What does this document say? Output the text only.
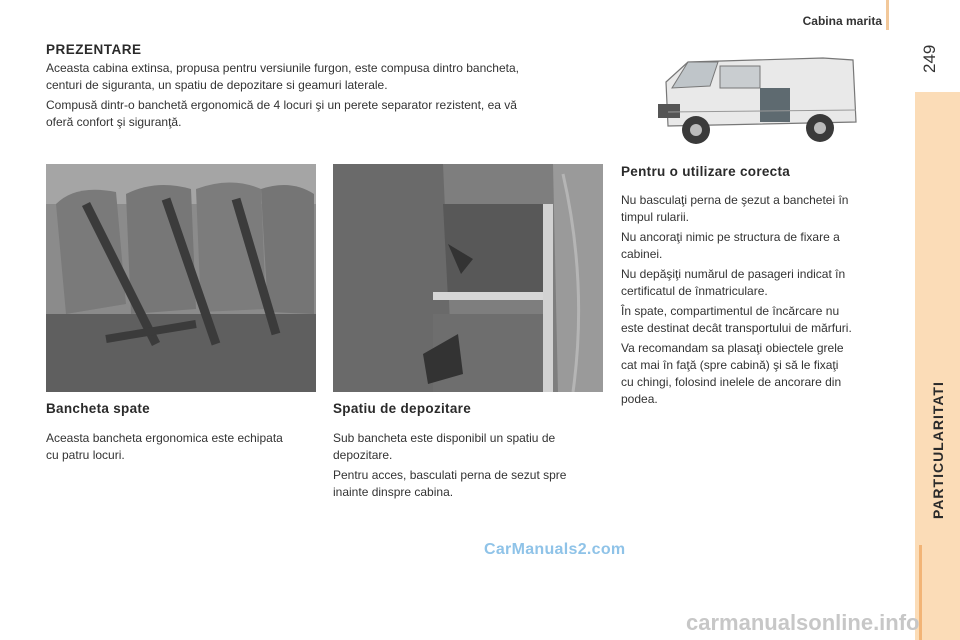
Cabina marita
249
PARTICULARITATI
PREZENTARE
Aceasta cabina extinsa, propusa pentru versiunile furgon, este compusa dintro bancheta,
centuri de siguranta, un spatiu de depozitare si geamuri laterale.
Compusă dintr-o banchetă ergonomică de 4 locuri şi un perete separator rezistent, ea vă
oferă confort şi siguranţă.
Bancheta spate
Aceasta bancheta ergonomica este echipata
cu patru locuri.
Spatiu de depozitare
Sub bancheta este disponibil un spatiu de
depozitare.
Pentru acces, basculati perna de sezut spre
inainte dinspre cabina.
Pentru o utilizare corecta
Nu basculaţi perna de şezut a banchetei în
timpul rularii.
Nu ancoraţi nimic pe structura de fixare a
cabinei.
Nu depăşiţi numărul de pasageri indicat în
certificatul de înmatriculare.
În spate, compartimentul de încărcare nu
este destinat decât transportului de mărfuri.
Va recomandam sa plasaţi obiectele grele
cat mai în faţă (spre cabină) şi să le fixaţi
cu chingi, folosind inelele de ancorare din
podea.
CarManuals2.com
carmanualsonline.info
